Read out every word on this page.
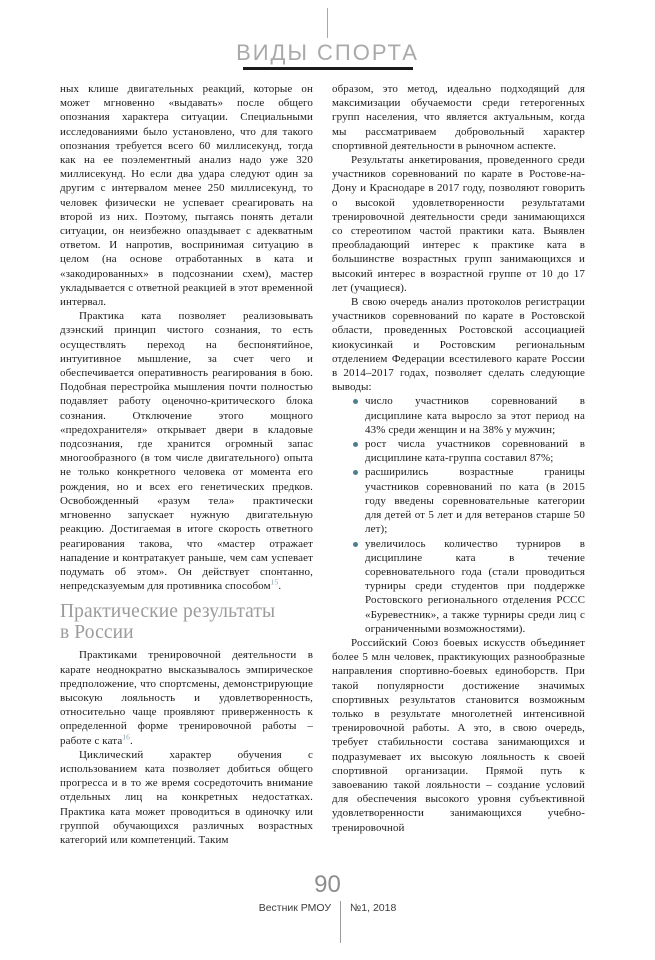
ВИДЫ СПОРТА

ных клише двигательных реакций, которые он может мгновенно «выдавать» после общего опознания характера ситуации. Специальными исследованиями было установлено, что для такого опознания требуется всего 60 миллисекунд, тогда как на ее поэлементный анализ надо уже 320 миллисекунд. Но если два удара следуют один за другим с интервалом менее 250 миллисекунд, то человек физически не успевает среагировать на второй из них. Поэтому, пытаясь понять детали ситуации, он неизбежно опаздывает с адекватным ответом. И напротив, воспринимая ситуацию в целом (на основе отработанных в ката и «закодированных» в подсознании схем), мастер укладывается с ответной реакцией в этот временной интервал.

Практика ката позволяет реализовывать дзэнский принцип чистого сознания, то есть осуществлять переход на беспонятийное, интуитивное мышление, за счет чего и обеспечивается оперативность реагирования в бою. Подобная перестройка мышления почти полностью подавляет работу оценочно-критического блока сознания. Отключение этого мощного «предохранителя» открывает двери в кладовые подсознания, где хранится огромный запас многообразного (в том числе двигательного) опыта не только конкретного человека от момента его рождения, но и всех его генетических предков. Освобожденный «разум тела» практически мгновенно запускает нужную двигательную реакцию. Достигаемая в итоге скорость ответного реагирования такова, что «мастер отражает нападение и контратакует раньше, чем сам успевает подумать об этом». Он действует спонтанно, непредсказуемым для противника способом$^{15}$.

Практические результаты
в России

Практиками тренировочной деятельности в карате неоднократно высказывалось эмпирическое предположение, что спортсмены, демонстрирующие высокую лояльность и удовлетворенность, относительно чаще проявляют приверженность к определенной форме тренировочной работы – работе с ката$^{16}$.

Циклический характер обучения с использованием ката позволяет добиться общего прогресса и в то же время сосредоточить внимание отдельных лиц на конкретных недостатках. Практика ката может проводиться в одиночку или группой обучающихся различных возрастных категорий или компетенций. Таким

образом, это метод, идеально подходящий для максимизации обучаемости среди гетерогенных групп населения, что является актуальным, когда мы рассматриваем добровольный характер спортивной деятельности в рыночном аспекте.

Результаты анкетирования, проведенного среди участников соревнований по карате в Ростове-на-Дону и Краснодаре в 2017 году, позволяют говорить о высокой удовлетворенности результатами тренировочной деятельности среди занимающихся со стереотипом частой практики ката. Выявлен преобладающий интерес к практике ката в большинстве возрастных групп занимающихся и высокий интерес в возрастной группе от 10 до 17 лет (учащиеся).

В свою очередь анализ протоколов регистрации участников соревнований по карате в Ростовской области, проведенных Ростовской ассоциацией киокусинкай и Ростовским региональным отделением Федерации всестилевого карате России в 2014–2017 годах, позволяет сделать следующие выводы:

число участников соревнований в дисциплине ката выросло за этот период на 43% среди женщин и на 38% у мужчин;
рост числа участников соревнований в дисциплине ката-группа составил 87%;
расширились возрастные границы участников соревнований по ката (в 2015 году введены соревновательные категории для детей от 5 лет и для ветеранов старше 50 лет);
увеличилось количество турниров в дисциплине ката в течение соревновательного года (стали проводиться турниры среди студентов при поддержке Ростовского регионального отделения РССС «Буревестник», а также турниры среди лиц с ограниченными возможностями).

Российский Союз боевых искусств объединяет более 5 млн человек, практикующих разнообразные направления спортивно-боевых единоборств. При такой популярности достижение значимых спортивных результатов становится возможным только в результате многолетней интенсивной тренировочной работы. А это, в свою очередь, требует стабильности состава занимающихся и подразумевает их высокую лояльность к своей спортивной организации. Прямой путь к завоеванию такой лояльности – создание условий для обеспечения высокого уровня субъективной удовлетворенности занимающихся учебно-тренировочной

90
Вестник РМОУ №1, 2018
